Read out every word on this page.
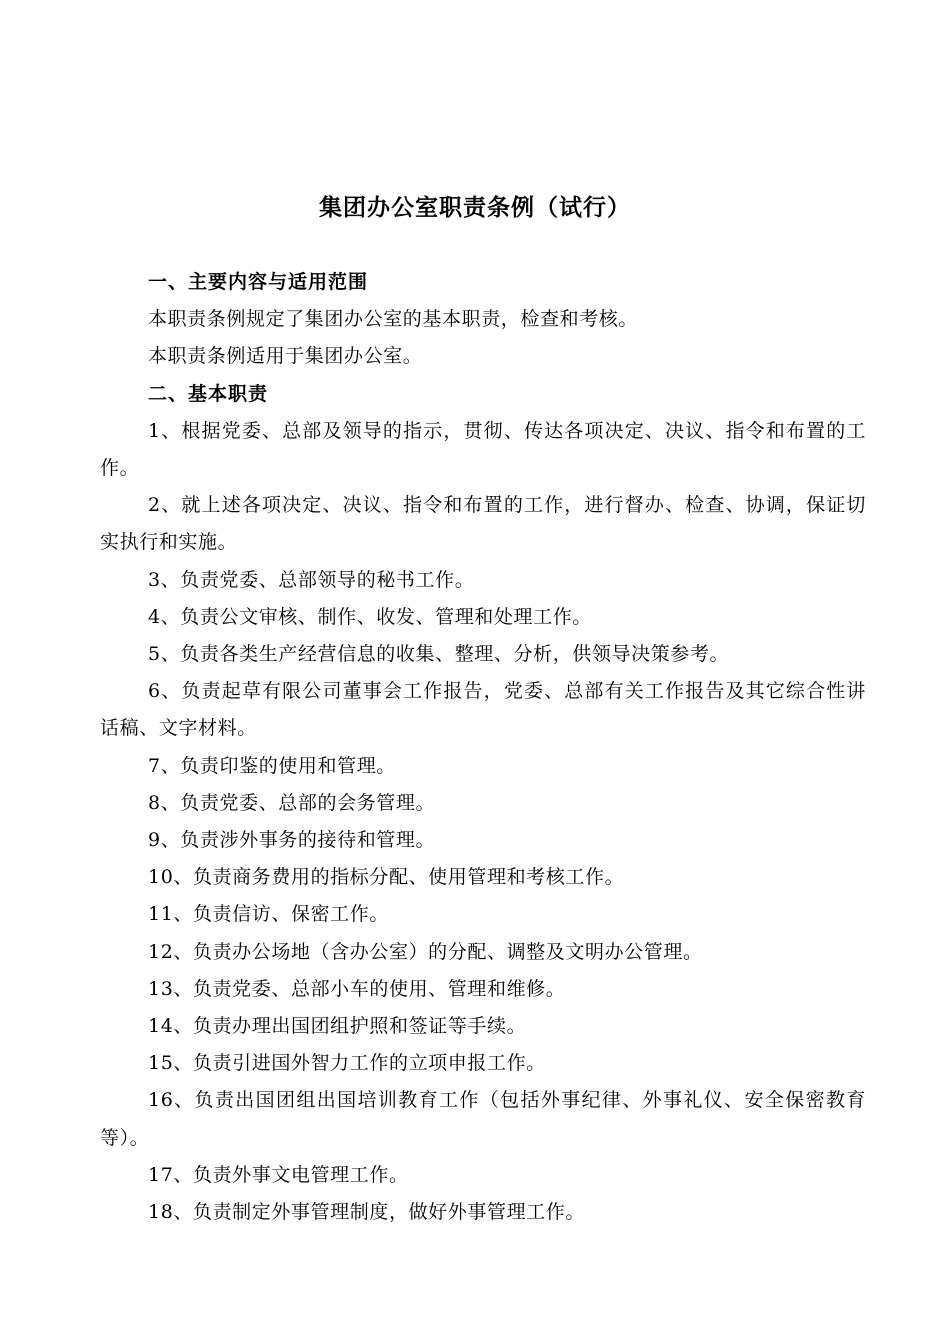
集团办公室职责条例（试行）

一、主要内容与适用范围

本职责条例规定了集团办公室的基本职责，检查和考核。

本职责条例适用于集团办公室。

二、基本职责

1、根据党委、总部及领导的指示，贯彻、传达各项决定、决议、指令和布置的工作。

2、就上述各项决定、决议、指令和布置的工作，进行督办、检查、协调，保证切实执行和实施。

3、负责党委、总部领导的秘书工作。

4、负责公文审核、制作、收发、管理和处理工作。

5、负责各类生产经营信息的收集、整理、分析，供领导决策参考。

6、负责起草有限公司董事会工作报告，党委、总部有关工作报告及其它综合性讲话稿、文字材料。

7、负责印鉴的使用和管理。

8、负责党委、总部的会务管理。

9、负责涉外事务的接待和管理。

10、负责商务费用的指标分配、使用管理和考核工作。

11、负责信访、保密工作。

12、负责办公场地（含办公室）的分配、调整及文明办公管理。

13、负责党委、总部小车的使用、管理和维修。

14、负责办理出国团组护照和签证等手续。

15、负责引进国外智力工作的立项申报工作。

16、负责出国团组出国培训教育工作（包括外事纪律、外事礼仪、安全保密教育等）。

17、负责外事文电管理工作。

18、负责制定外事管理制度，做好外事管理工作。
